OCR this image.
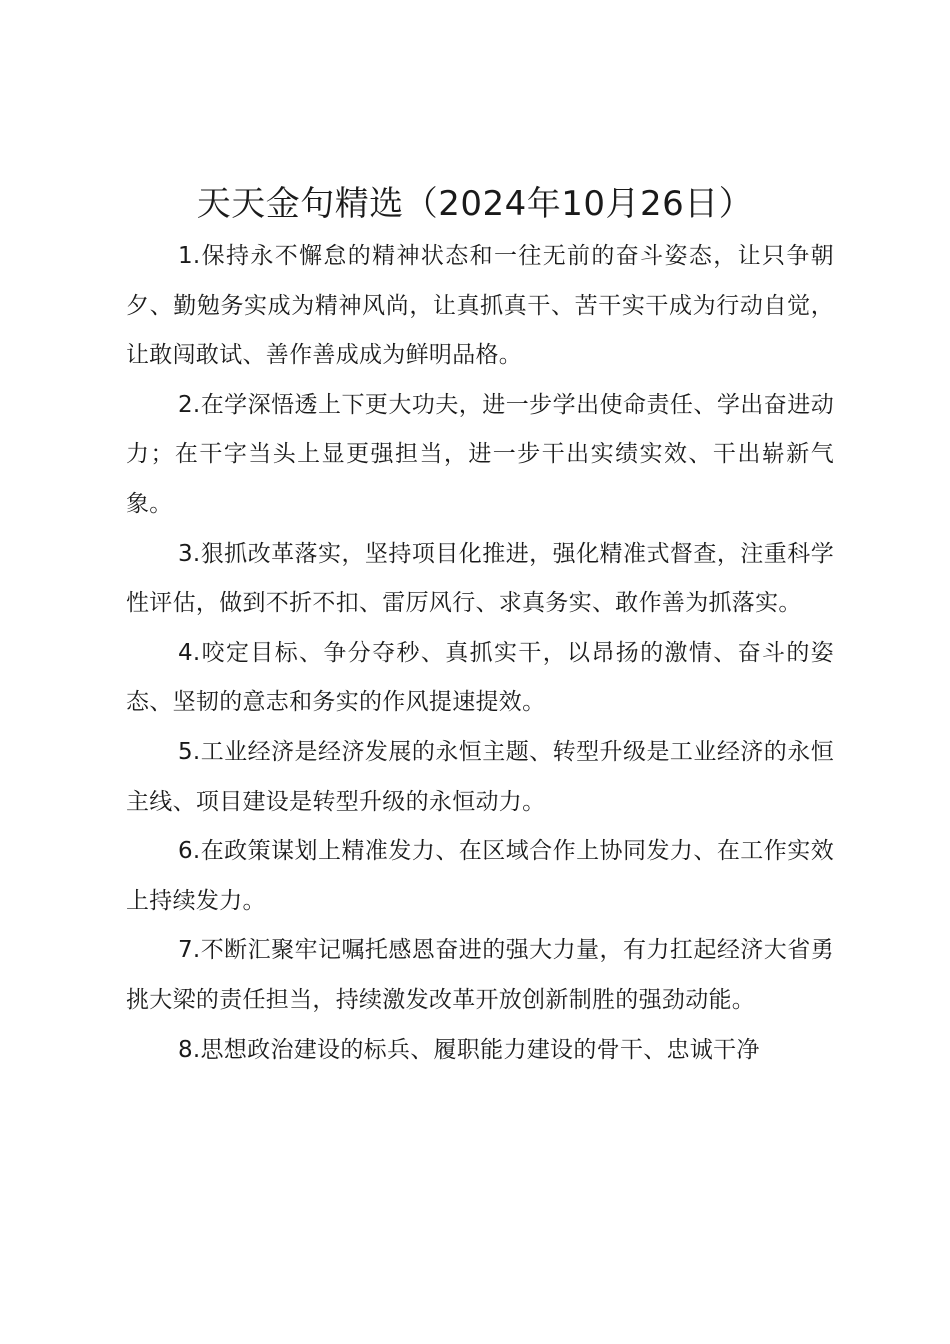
天天金句精选（2024年10月26日）

1.保持永不懈怠的精神状态和一往无前的奋斗姿态，让只争朝夕、勤勉务实成为精神风尚，让真抓真干、苦干实干成为行动自觉，让敢闯敢试、善作善成成为鲜明品格。

2.在学深悟透上下更大功夫，进一步学出使命责任、学出奋进动力；在干字当头上显更强担当，进一步干出实绩实效、干出崭新气象。

3.狠抓改革落实，坚持项目化推进，强化精准式督查，注重科学性评估，做到不折不扣、雷厉风行、求真务实、敢作善为抓落实。

4.咬定目标、争分夺秒、真抓实干，以昂扬的激情、奋斗的姿态、坚韧的意志和务实的作风提速提效。

5.工业经济是经济发展的永恒主题、转型升级是工业经济的永恒主线、项目建设是转型升级的永恒动力。

6.在政策谋划上精准发力、在区域合作上协同发力、在工作实效上持续发力。

7.不断汇聚牢记嘱托感恩奋进的强大力量，有力扛起经济大省勇挑大梁的责任担当，持续激发改革开放创新制胜的强劲动能。

8.思想政治建设的标兵、履职能力建设的骨干、忠诚干净
